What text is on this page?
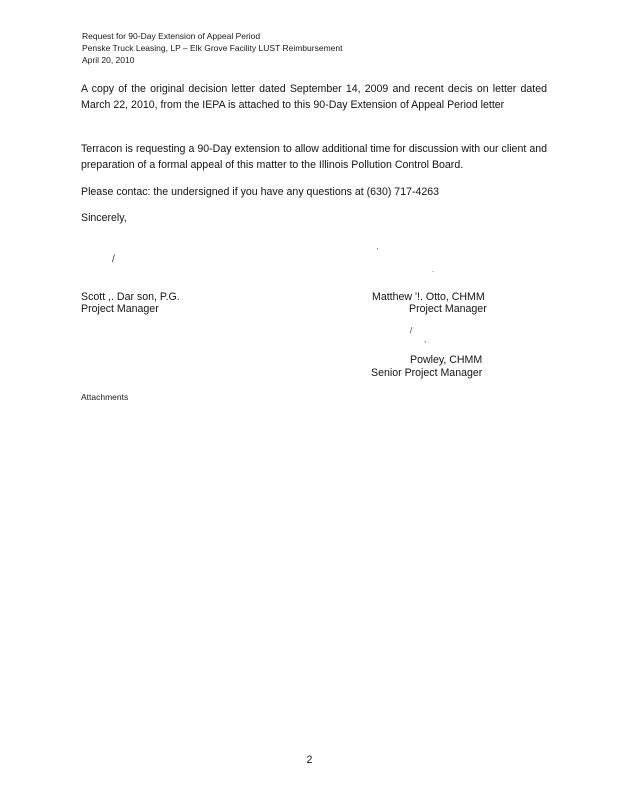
Request for 90-Day Extension of Appeal Period
Penske Truck Leasing, LP – Elk Grove Facility LUST Reimbursement
April 20, 2010

A copy of the original decision letter dated September 14, 2009 and recent decis on letter dated March 22, 2010, from the IEPA is attached to this 90-Day Extension of Appeal Period letter

Terracon is requesting a 90-Day extension to allow additional time for discussion with our client and preparation of a formal appeal of this matter to the Illinois Pollution Control Board.

Please contac: the undersigned if you have any questions at (630) 717-4263
Sincerely,
/
'
.
/
,
Scott ,. Dar son, P.G.
Project Manager
Matthew '!. Otto, CHMM
Project Manager
Powley, CHMM
Senior Project Manager
Attachments
2
